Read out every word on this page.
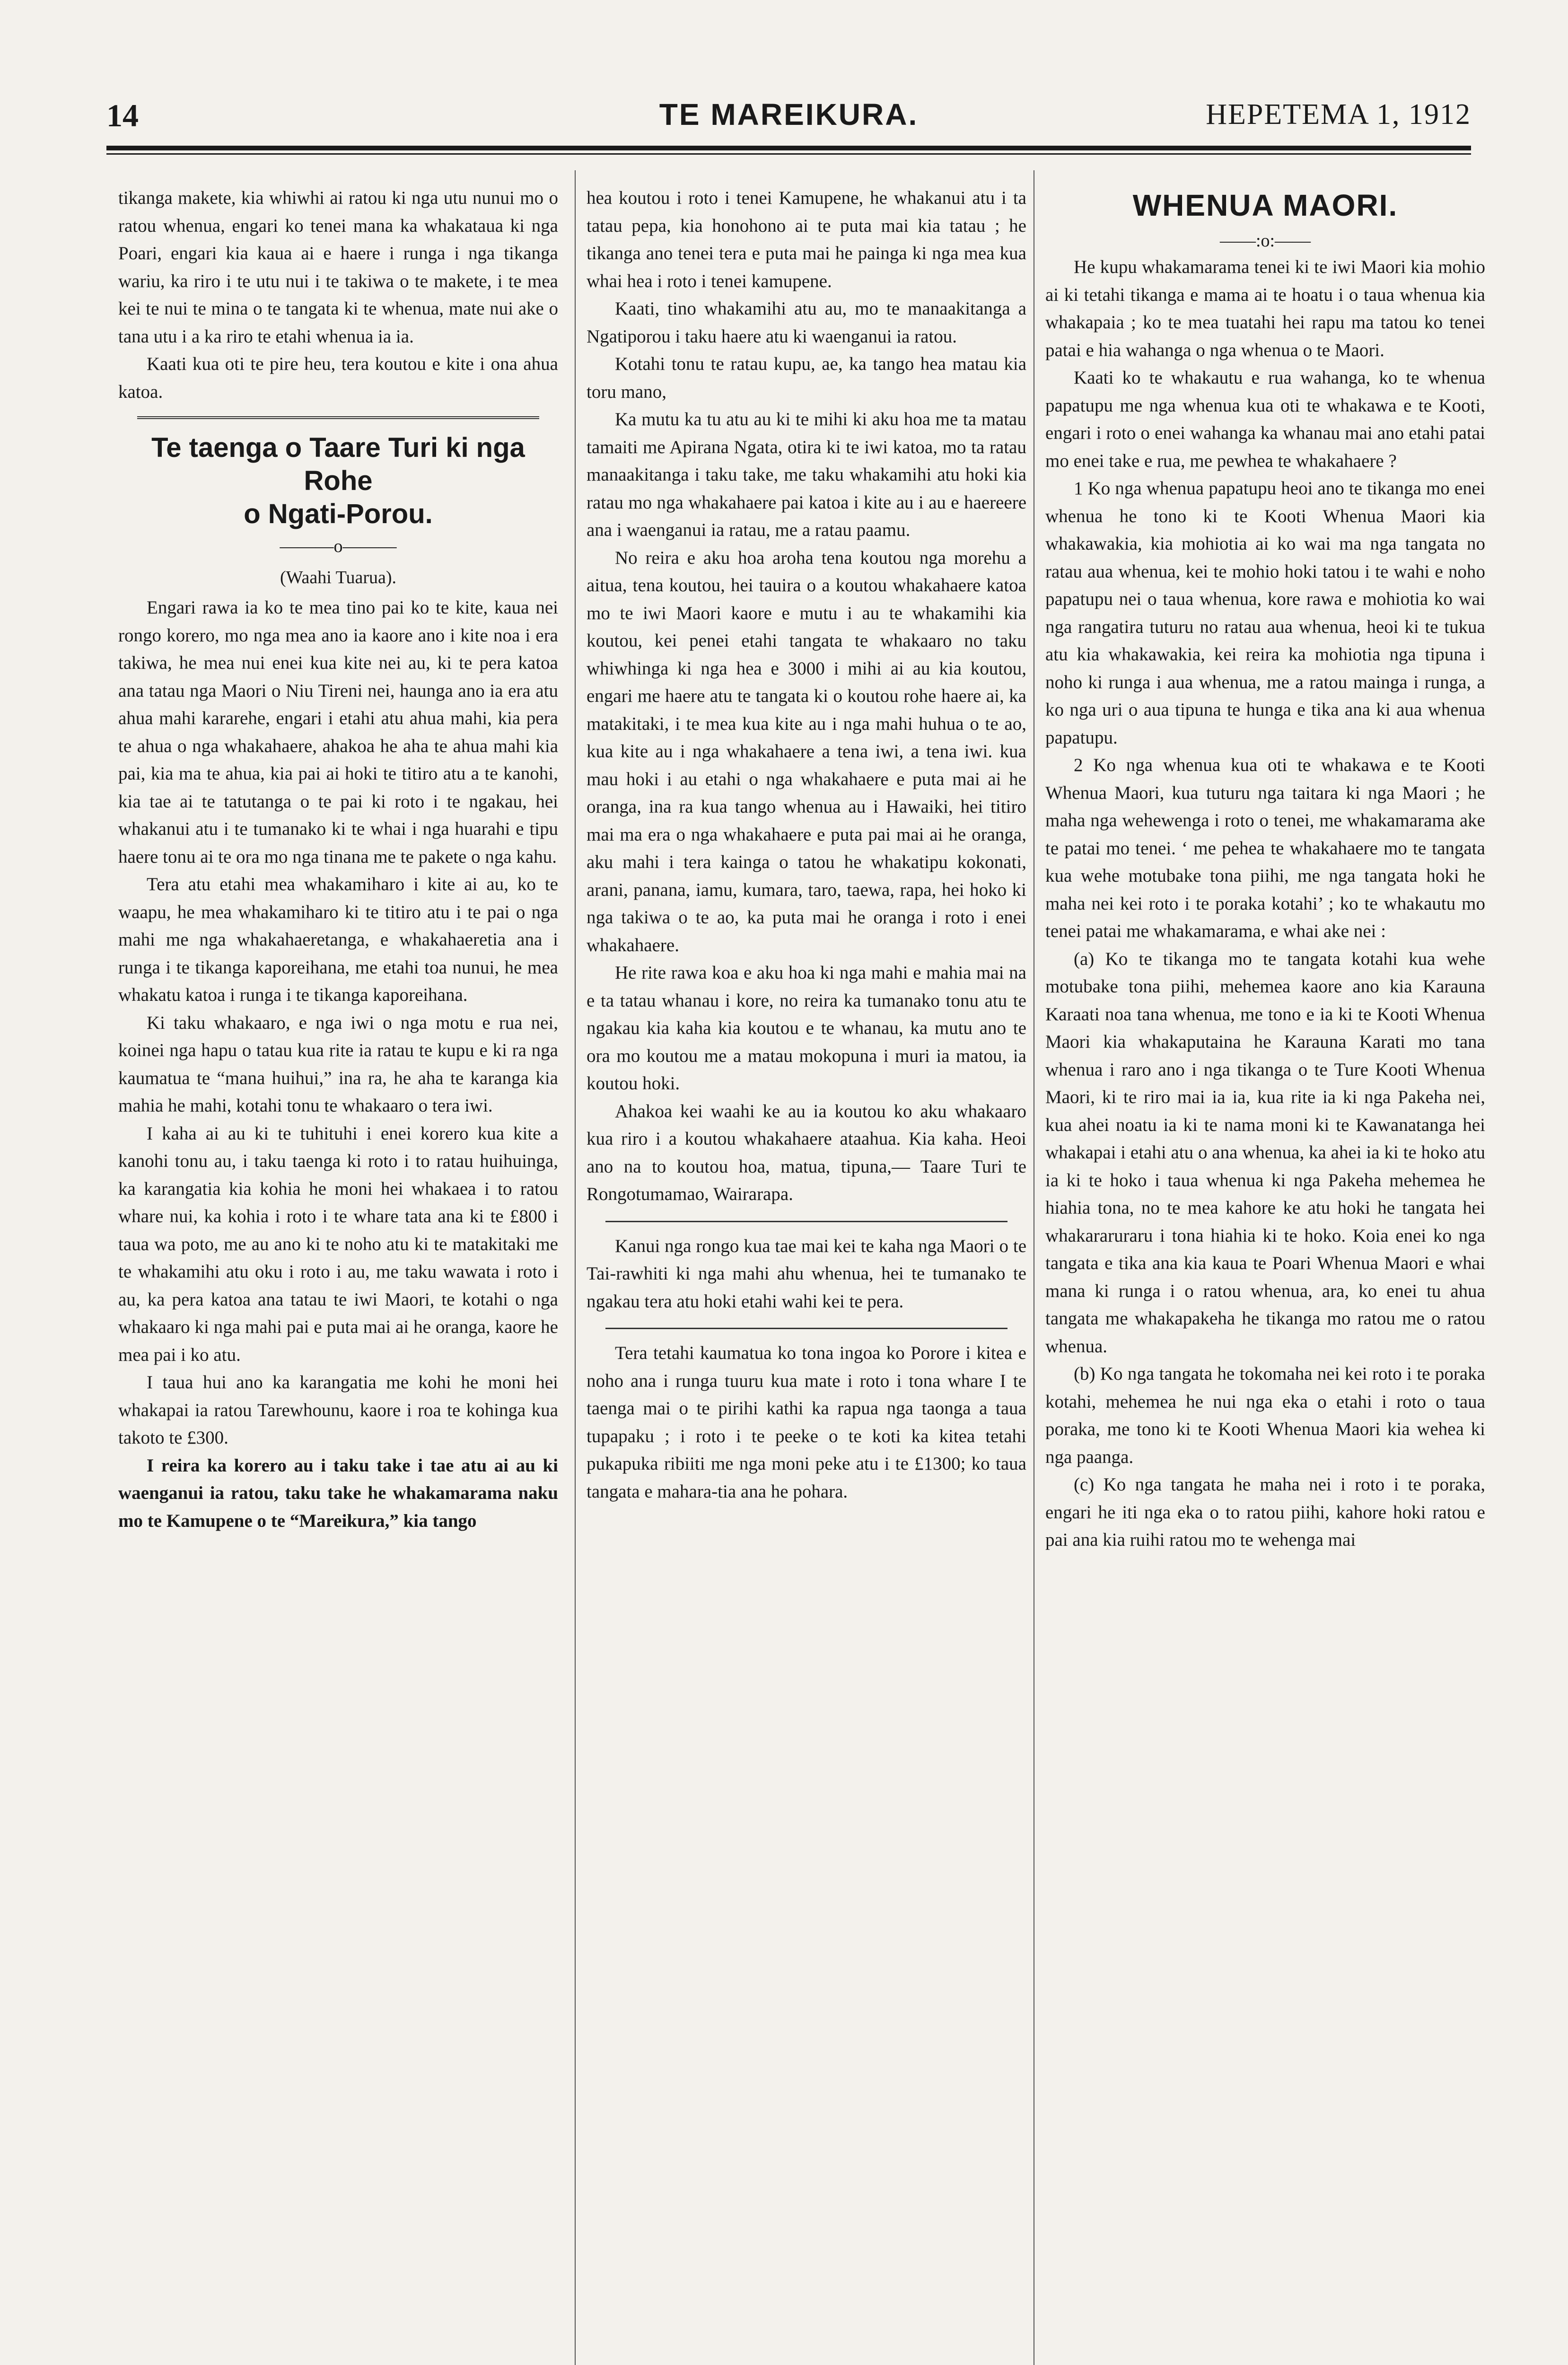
14	TE MAREIKURA.	HEPETEMA 1, 1912

tikanga makete, kia whiwhi ai ratou ki nga utu nunui mo o ratou whenua, engari ko tenei mana ka whakataua ki nga Poari, engari kia kaua ai e haere i runga i nga tikanga wariu, ka riro i te utu nui i te takiwa o te makete, i te mea kei te nui te mina o te tangata ki te whenua, mate nui ake o tana utu i a ka riro te etahi whenua ia ia.

Kaati kua oti te pire heu, tera koutou e kite i ona ahua katoa.

Te taenga o Taare Turi ki nga Rohe
o Ngati-Porou.
———o———
(Waahi Tuarua).

Engari rawa ia ko te mea tino pai ko te kite, kaua nei rongo korero, mo nga mea ano ia kaore ano i kite noa i era takiwa, he mea nui enei kua kite nei au, ki te pera katoa ana tatau nga Maori o Niu Tireni nei, haunga ano ia era atu ahua mahi kararehe, engari i etahi atu ahua mahi, kia pera te ahua o nga whakahaere, ahakoa he aha te ahua mahi kia pai, kia ma te ahua, kia pai ai hoki te titiro atu a te kanohi, kia tae ai te tatutanga o te pai ki roto i te ngakau, hei whakanui atu i te tumanako ki te whai i nga huarahi e tipu haere tonu ai te ora mo nga tinana me te pakete o nga kahu.

Tera atu etahi mea whakamiharo i kite ai au, ko te waapu, he mea whakamiharo ki te titiro atu i te pai o nga mahi me nga whakahaeretanga, e whakahaeretia ana i runga i te tikanga kaporeihana, me etahi toa nunui, he mea whakatu katoa i runga i te tikanga kaporeihana.

Ki taku whakaaro, e nga iwi o nga motu e rua nei, koinei nga hapu o tatau kua rite ia ratau te kupu e ki ra nga kaumatua te “mana huihui,” ina ra, he aha te karanga kia mahia he mahi, kotahi tonu te whakaaro o tera iwi.

I kaha ai au ki te tuhituhi i enei korero kua kite a kanohi tonu au, i taku taenga ki roto i to ratau huihuinga, ka karangatia kia kohia he moni hei whakaea i to ratou whare nui, ka kohia i roto i te whare tata ana ki te £800 i taua wa poto, me au ano ki te noho atu ki te matakitaki me te whakamihi atu oku i roto i au, me taku wawata i roto i au, ka pera katoa ana tatau te iwi Maori, te kotahi o nga whakaaro ki nga mahi pai e puta mai ai he oranga, kaore he mea pai i ko atu.

I taua hui ano ka karangatia me kohi he moni hei whakapai ia ratou Tarewhounu, kaore i roa te kohinga kua takoto te £300.

I reira ka korero au i taku take i tae atu ai au ki waenganui ia ratou, taku take he whakamarama naku mo te Kamupene o te “Mareikura,” kia tango

hea koutou i roto i tenei Kamupene, he whakanui atu i ta tatau pepa, kia honohono ai te puta mai kia tatau ; he tikanga ano tenei tera e puta mai he painga ki nga mea kua whai hea i roto i tenei kamupene.

Kaati, tino whakamihi atu au, mo te manaakitanga a Ngatiporou i taku haere atu ki waenganui ia ratou.

Kotahi tonu te ratau kupu, ae, ka tango hea matau kia toru mano,

Ka mutu ka tu atu au ki te mihi ki aku hoa me ta matau tamaiti me Apirana Ngata, otira ki te iwi katoa, mo ta ratau manaakitanga i taku take, me taku whakamihi atu hoki kia ratau mo nga whakahaere pai katoa i kite au i au e haereere ana i waenganui ia ratau, me a ratau paamu.

No reira e aku hoa aroha tena koutou nga morehu a aitua, tena koutou, hei tauira o a koutou whakahaere katoa mo te iwi Maori kaore e mutu i au te whakamihi kia koutou, kei penei etahi tangata te whakaaro no taku whiwhinga ki nga hea e 3000 i mihi ai au kia koutou, engari me haere atu te tangata ki o koutou rohe haere ai, ka matakitaki, i te mea kua kite au i nga mahi huhua o te ao, kua kite au i nga whakahaere a tena iwi, a tena iwi. kua mau hoki i au etahi o nga whakahaere e puta mai ai he oranga, ina ra kua tango whenua au i Hawaiki, hei titiro mai ma era o nga whakahaere e puta pai mai ai he oranga, aku mahi i tera kainga o tatou he whakatipu kokonati, arani, panana, iamu, kumara, taro, taewa, rapa, hei hoko ki nga takiwa o te ao, ka puta mai he oranga i roto i enei whakahaere.

He rite rawa koa e aku hoa ki nga mahi e mahia mai na e ta tatau whanau i kore, no reira ka tumanako tonu atu te ngakau kia kaha kia koutou e te whanau, ka mutu ano te ora mo koutou me a matau mokopuna i muri ia matou, ia koutou hoki.

Ahakoa kei waahi ke au ia koutou ko aku whakaaro kua riro i a koutou whakahaere ataahua. Kia kaha. Heoi ano na to koutou hoa, matua, tipuna,— Taare Turi te Rongotumamao, Wairarapa.

Kanui nga rongo kua tae mai kei te kaha nga Maori o te Tai-rawhiti ki nga mahi ahu whenua, hei te tumanako te ngakau tera atu hoki etahi wahi kei te pera.

Tera tetahi kaumatua ko tona ingoa ko Porore i kitea e noho ana i runga tuuru kua mate i roto i tona whare I te taenga mai o te pirihi kathi ka rapua nga taonga a taua tupapaku ; i roto i te peeke o te koti ka kitea tetahi pukapuka ribiiti me nga moni peke atu i te £1300; ko taua tangata e mahara-tia ana he pohara.

WHENUA MAORI.
——:o:——

He kupu whakamarama tenei ki te iwi Maori kia mohio ai ki tetahi tikanga e mama ai te hoatu i o taua whenua kia whakapaia ; ko te mea tuatahi hei rapu ma tatou ko tenei patai e hia wahanga o nga whenua o te Maori.

Kaati ko te whakautu e rua wahanga, ko te whenua papatupu me nga whenua kua oti te whakawa e te Kooti, engari i roto o enei wahanga ka whanau mai ano etahi patai mo enei take e rua, me pewhea te whakahaere ?

1 Ko nga whenua papatupu heoi ano te tikanga mo enei whenua he tono ki te Kooti Whenua Maori kia whakawakia, kia mohiotia ai ko wai ma nga tangata no ratau aua whenua, kei te mohio hoki tatou i te wahi e noho papatupu nei o taua whenua, kore rawa e mohiotia ko wai nga rangatira tuturu no ratau aua whenua, heoi ki te tukua atu kia whakawakia, kei reira ka mohiotia nga tipuna i noho ki runga i aua whenua, me a ratou mainga i runga, a ko nga uri o aua tipuna te hunga e tika ana ki aua whenua papatupu.

2 Ko nga whenua kua oti te whakawa e te Kooti Whenua Maori, kua tuturu nga taitara ki nga Maori ; he maha nga wehewenga i roto o tenei, me whakamarama ake te patai mo tenei. ‘ me pehea te whakahaere mo te tangata kua wehe motubake tona piihi, me nga tangata hoki he maha nei kei roto i te poraka kotahi’ ; ko te whakautu mo tenei patai me whakamarama, e whai ake nei :

(a) Ko te tikanga mo te tangata kotahi kua wehe motubake tona piihi, mehemea kaore ano kia Karauna Karaati noa tana whenua, me tono e ia ki te Kooti Whenua Maori kia whakaputaina he Karauna Karati mo tana whenua i raro ano i nga tikanga o te Ture Kooti Whenua Maori, ki te riro mai ia ia, kua rite ia ki nga Pakeha nei, kua ahei noatu ia ki te nama moni ki te Kawanatanga hei whakapai i etahi atu o ana whenua, ka ahei ia ki te hoko atu ia ki te hoko i taua whenua ki nga Pakeha mehemea he hiahia tona, no te mea kahore ke atu hoki he tangata hei whakararuraru i tona hiahia ki te hoko. Koia enei ko nga tangata e tika ana kia kaua te Poari Whenua Maori e whai mana ki runga i o ratou whenua, ara, ko enei tu ahua tangata me whakapakeha he tikanga mo ratou me o ratou whenua.

(b) Ko nga tangata he tokomaha nei kei roto i te poraka kotahi, mehemea he nui nga eka o etahi i roto o taua poraka, me tono ki te Kooti Whenua Maori kia wehea ki nga paanga.

(c) Ko nga tangata he maha nei i roto i te poraka, engari he iti nga eka o to ratou piihi, kahore hoki ratou e pai ana kia ruihi ratou mo te wehenga mai
